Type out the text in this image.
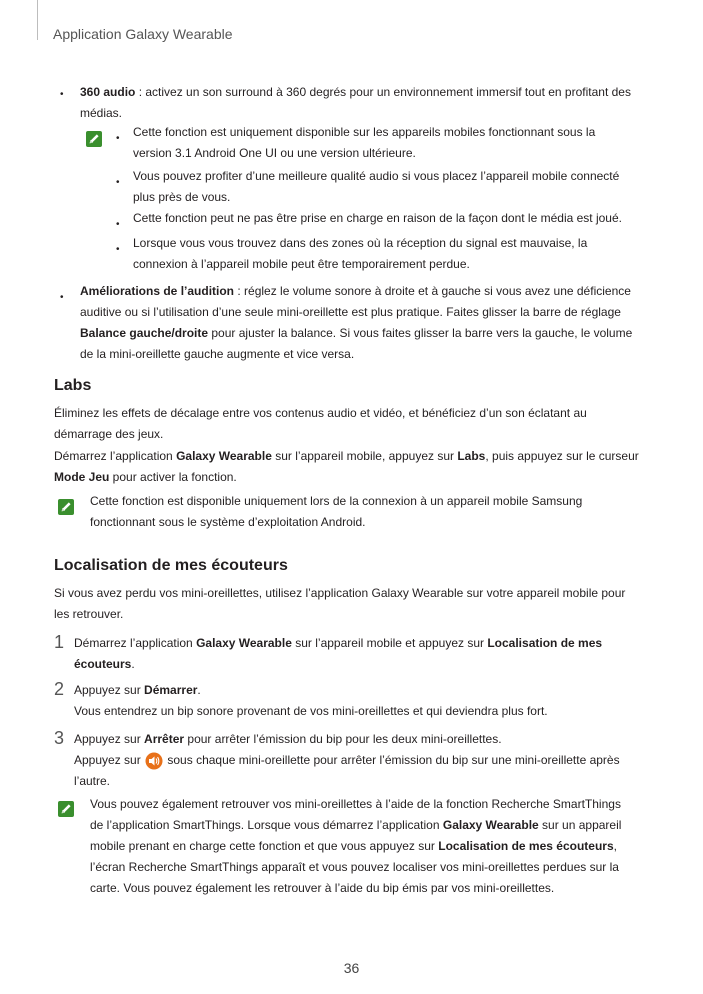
Application Galaxy Wearable
• 360 audio : activez un son surround à 360 degrés pour un environnement immersif tout en profitant des
médias.
• Cette fonction est uniquement disponible sur les appareils mobiles fonctionnant sous la
version 3.1 Android One UI ou une version ultérieure.
• Vous pouvez profiter d’une meilleure qualité audio si vous placez l’appareil mobile connecté
plus près de vous.
• Cette fonction peut ne pas être prise en charge en raison de la façon dont le média est joué.
• Lorsque vous vous trouvez dans des zones où la réception du signal est mauvaise, la
connexion à l’appareil mobile peut être temporairement perdue.
• Améliorations de l’audition : réglez le volume sonore à droite et à gauche si vous avez une déficience
auditive ou si l’utilisation d’une seule mini-oreillette est plus pratique. Faites glisser la barre de réglage
Balance gauche/droite pour ajuster la balance. Si vous faites glisser la barre vers la gauche, le volume
de la mini-oreillette gauche augmente et vice versa.
Labs
Éliminez les effets de décalage entre vos contenus audio et vidéo, et bénéficiez d’un son éclatant au
démarrage des jeux.
Démarrez l’application Galaxy Wearable sur l’appareil mobile, appuyez sur Labs, puis appuyez sur le curseur
Mode Jeu pour activer la fonction.
Cette fonction est disponible uniquement lors de la connexion à un appareil mobile Samsung
fonctionnant sous le système d’exploitation Android.
Localisation de mes écouteurs
Si vous avez perdu vos mini-oreillettes, utilisez l’application Galaxy Wearable sur votre appareil mobile pour
les retrouver.
1 Démarrez l’application Galaxy Wearable sur l’appareil mobile et appuyez sur Localisation de mes
écouteurs.
2 Appuyez sur Démarrer.
Vous entendrez un bip sonore provenant de vos mini-oreillettes et qui deviendra plus fort.
3 Appuyez sur Arrêter pour arrêter l’émission du bip pour les deux mini-oreillettes.
Appuyez sur  sous chaque mini-oreillette pour arrêter l’émission du bip sur une mini-oreillette après
l’autre.
Vous pouvez également retrouver vos mini-oreillettes à l’aide de la fonction Recherche SmartThings
de l’application SmartThings. Lorsque vous démarrez l’application Galaxy Wearable sur un appareil
mobile prenant en charge cette fonction et que vous appuyez sur Localisation de mes écouteurs,
l’écran Recherche SmartThings apparaît et vous pouvez localiser vos mini-oreillettes perdues sur la
carte. Vous pouvez également les retrouver à l’aide du bip émis par vos mini-oreillettes.
36
